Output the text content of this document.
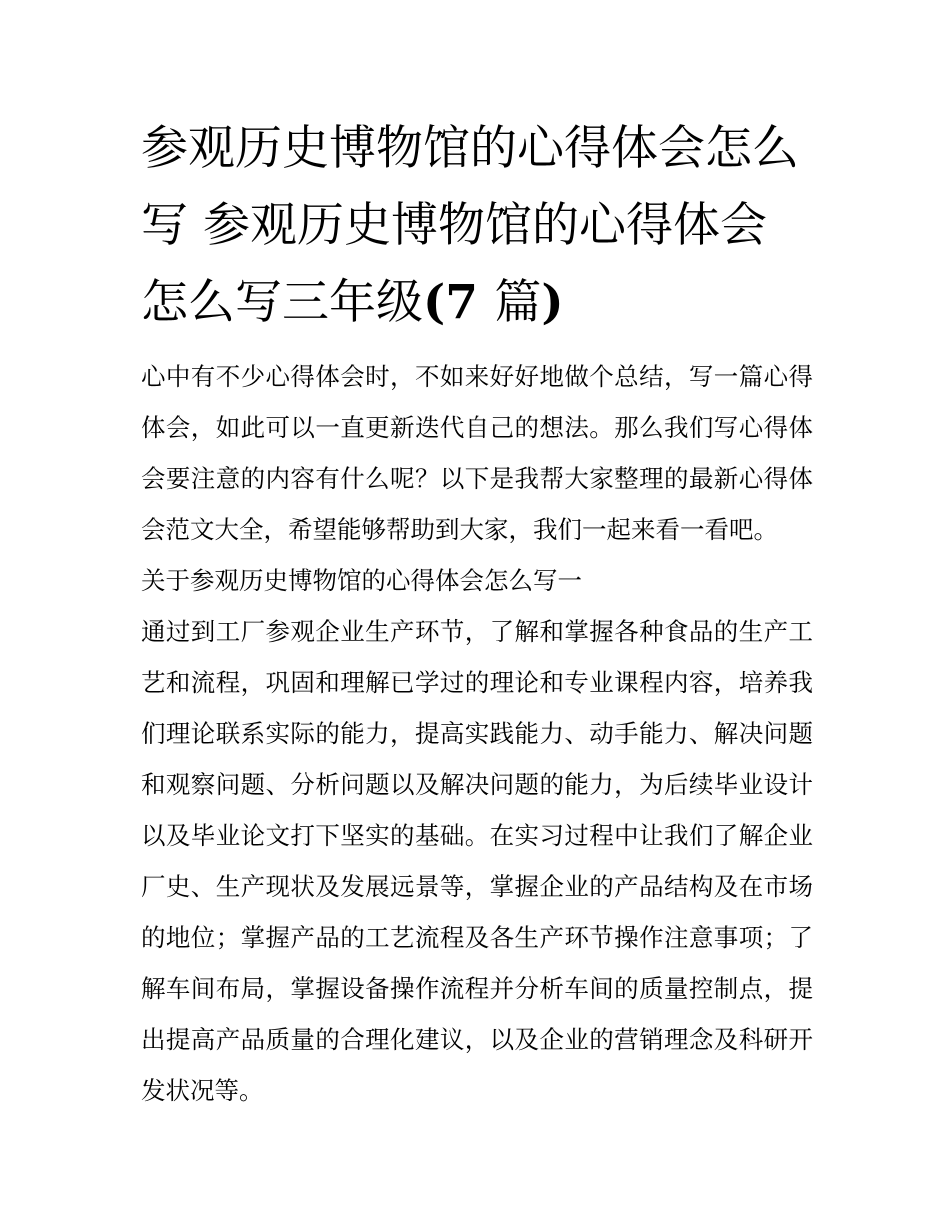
参观历史博物馆的心得体会怎么写 参观历史博物馆的心得体会怎么写三年级(7 篇)

心中有不少心得体会时，不如来好好地做个总结，写一篇心得体会，如此可以一直更新迭代自己的想法。那么我们写心得体会要注意的内容有什么呢？以下是我帮大家整理的最新心得体会范文大全，希望能够帮助到大家，我们一起来看一看吧。

关于参观历史博物馆的心得体会怎么写一

通过到工厂参观企业生产环节，了解和掌握各种食品的生产工艺和流程，巩固和理解已学过的理论和专业课程内容，培养我们理论联系实际的能力，提高实践能力、动手能力、解决问题和观察问题、分析问题以及解决问题的能力，为后续毕业设计以及毕业论文打下坚实的基础。在实习过程中让我们了解企业厂史、生产现状及发展远景等，掌握企业的产品结构及在市场的地位；掌握产品的工艺流程及各生产环节操作注意事项；了解车间布局，掌握设备操作流程并分析车间的质量控制点，提出提高产品质量的合理化建议，以及企业的营销理念及科研开发状况等。
